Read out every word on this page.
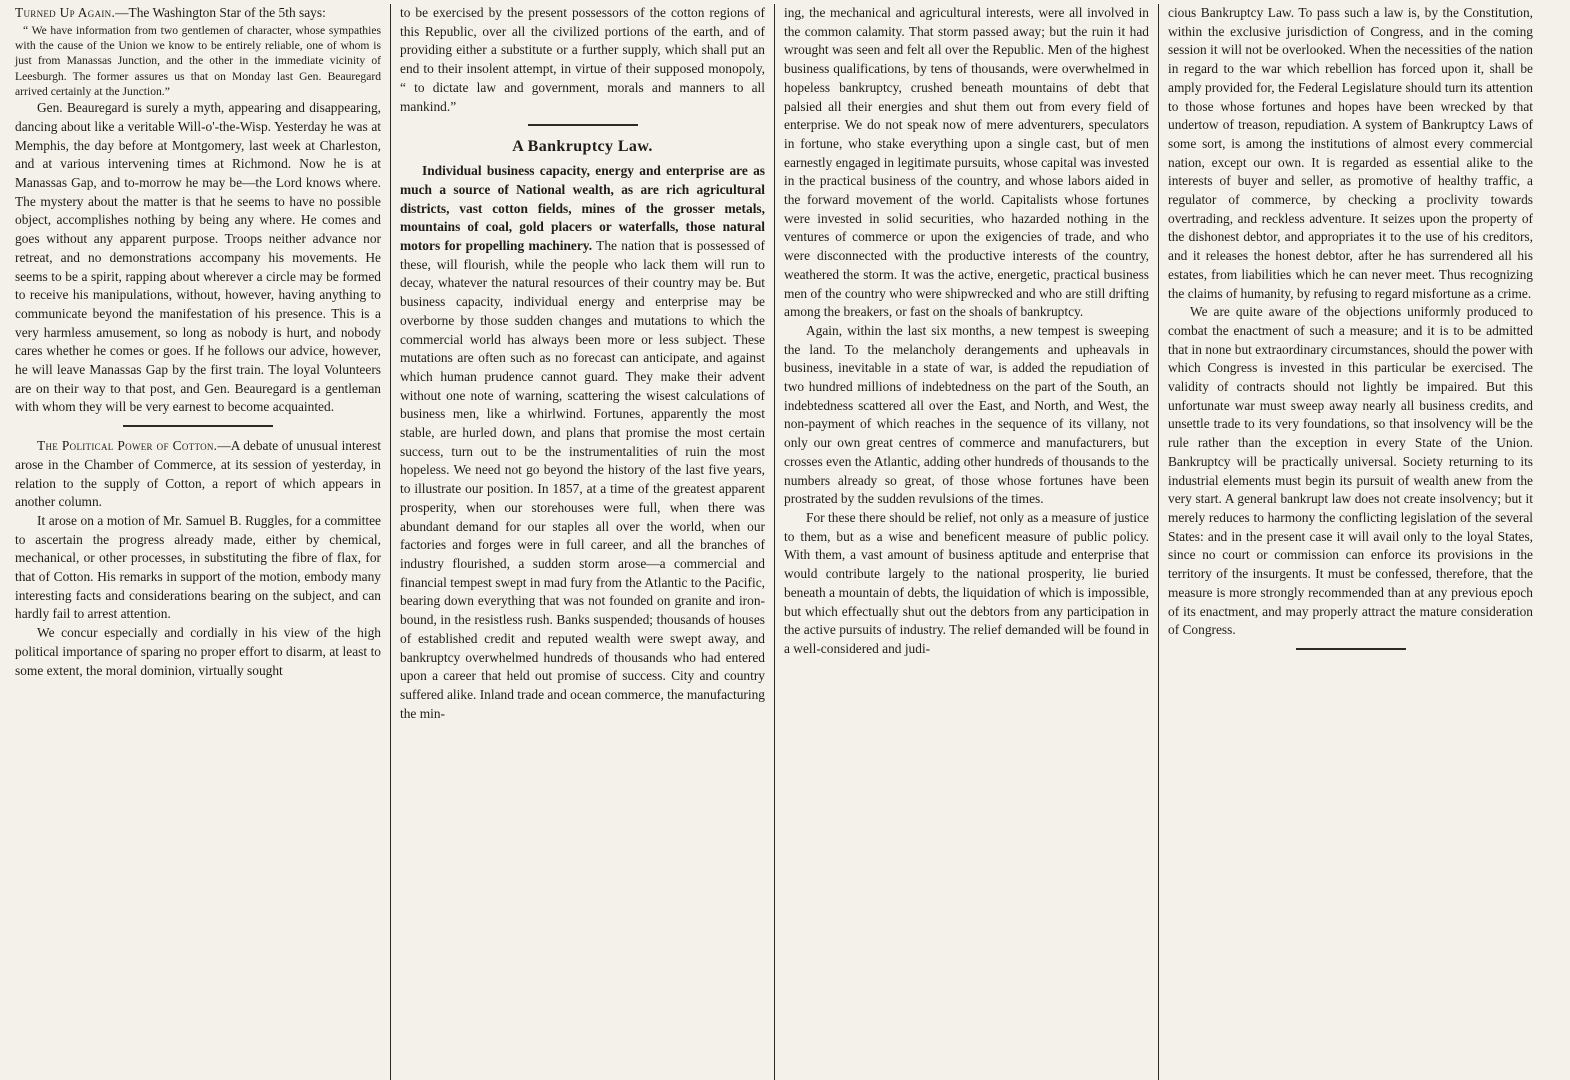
Turned Up Again.—The Washington Star of the 5th says:

“ We have information from two gentlemen of character, whose sympathies with the cause of the Union we know to be entirely reliable, one of whom is just from Manassas Junction, and the other in the immediate vicinity of Leesburgh. The former assures us that on Monday last Gen. Beauregard arrived certainly at the Junction.”

Gen. Beauregard is surely a myth, appearing and disappearing, dancing about like a veritable Will-o'-the-Wisp. Yesterday he was at Memphis, the day before at Montgomery, last week at Charleston, and at various intervening times at Richmond. Now he is at Manassas Gap, and to-morrow he may be—the Lord knows where. The mystery about the matter is that he seems to have no possible object, accomplishes nothing by being any where. He comes and goes without any apparent purpose. Troops neither advance nor retreat, and no demonstrations accompany his movements. He seems to be a spirit, rapping about wherever a circle may be formed to receive his manipulations, without, however, having anything to communicate beyond the manifestation of his presence. This is a very harmless amusement, so long as nobody is hurt, and nobody cares whether he comes or goes. If he follows our advice, however, he will leave Manassas Gap by the first train. The loyal Volunteers are on their way to that post, and Gen. Beauregard is a gentleman with whom they will be very earnest to become acquainted.

The Political Power of Cotton.—A debate of unusual interest arose in the Chamber of Commerce, at its session of yesterday, in relation to the supply of Cotton, a report of which appears in another column.

It arose on a motion of Mr. Samuel B. Ruggles, for a committee to ascertain the progress already made, either by chemical, mechanical, or other processes, in substituting the fibre of flax, for that of Cotton. His remarks in support of the motion, embody many interesting facts and considerations bearing on the subject, and can hardly fail to arrest attention.

We concur especially and cordially in his view of the high political importance of sparing no proper effort to disarm, at least to some extent, the moral dominion, virtually sought

to be exercised by the present possessors of the cotton regions of this Republic, over all the civilized portions of the earth, and of providing either a substitute or a further supply, which shall put an end to their insolent attempt, in virtue of their supposed monopoly, “ to dictate law and government, morals and manners to all mankind.”

A Bankruptcy Law.

Individual business capacity, energy and enterprise are as much a source of National wealth, as are rich agricultural districts, vast cotton fields, mines of the grosser metals, mountains of coal, gold placers or waterfalls, those natural motors for propelling machinery. The nation that is possessed of these, will flourish, while the people who lack them will run to decay, whatever the natural resources of their country may be. But business capacity, individual energy and enterprise may be overborne by those sudden changes and mutations to which the commercial world has always been more or less subject. These mutations are often such as no forecast can anticipate, and against which human prudence cannot guard. They make their advent without one note of warning, scattering the wisest calculations of business men, like a whirlwind. Fortunes, apparently the most stable, are hurled down, and plans that promise the most certain success, turn out to be the instrumentalities of ruin the most hopeless. We need not go beyond the history of the last five years, to illustrate our position. In 1857, at a time of the greatest apparent prosperity, when our storehouses were full, when there was abundant demand for our staples all over the world, when our factories and forges were in full career, and all the branches of industry flourished, a sudden storm arose—a commercial and financial tempest swept in mad fury from the Atlantic to the Pacific, bearing down everything that was not founded on granite and iron-bound, in the resistless rush. Banks suspended; thousands of houses of established credit and reputed wealth were swept away, and bankruptcy overwhelmed hundreds of thousands who had entered upon a career that held out promise of success. City and country suffered alike. Inland trade and ocean commerce, the manufacturing the min-

ing, the mechanical and agricultural interests, were all involved in the common calamity. That storm passed away; but the ruin it had wrought was seen and felt all over the Republic. Men of the highest business qualifications, by tens of thousands, were overwhelmed in hopeless bankruptcy, crushed beneath mountains of debt that palsied all their energies and shut them out from every field of enterprise. We do not speak now of mere adventurers, speculators in fortune, who stake everything upon a single cast, but of men earnestly engaged in legitimate pursuits, whose capital was invested in the practical business of the country, and whose labors aided in the forward movement of the world. Capitalists whose fortunes were invested in solid securities, who hazarded nothing in the ventures of commerce or upon the exigencies of trade, and who were disconnected with the productive interests of the country, weathered the storm. It was the active, energetic, practical business men of the country who were shipwrecked and who are still drifting among the breakers, or fast on the shoals of bankruptcy.

Again, within the last six months, a new tempest is sweeping the land. To the melancholy derangements and upheavals in business, inevitable in a state of war, is added the repudiation of two hundred millions of indebtedness on the part of the South, an indebtedness scattered all over the East, and North, and West, the non-payment of which reaches in the sequence of its villany, not only our own great centres of commerce and manufacturers, but crosses even the Atlantic, adding other hundreds of thousands to the numbers already so great, of those whose fortunes have been prostrated by the sudden revulsions of the times.

For these there should be relief, not only as a measure of justice to them, but as a wise and beneficent measure of public policy. With them, a vast amount of business aptitude and enterprise that would contribute largely to the national prosperity, lie buried beneath a mountain of debts, the liquidation of which is impossible, but which effectually shut out the debtors from any participation in the active pursuits of industry. The relief demanded will be found in a well-considered and judi-

cious Bankruptcy Law. To pass such a law is, by the Constitution, within the exclusive jurisdiction of Congress, and in the coming session it will not be overlooked. When the necessities of the nation in regard to the war which rebellion has forced upon it, shall be amply provided for, the Federal Legislature should turn its attention to those whose fortunes and hopes have been wrecked by that undertow of treason, repudiation. A system of Bankruptcy Laws of some sort, is among the institutions of almost every commercial nation, except our own. It is regarded as essential alike to the interests of buyer and seller, as promotive of healthy traffic, a regulator of commerce, by checking a proclivity towards overtrading, and reckless adventure. It seizes upon the property of the dishonest debtor, and appropriates it to the use of his creditors, and it releases the honest debtor, after he has surrendered all his estates, from liabilities which he can never meet. Thus recognizing the claims of humanity, by refusing to regard misfortune as a crime.

We are quite aware of the objections uniformly produced to combat the enactment of such a measure; and it is to be admitted that in none but extraordinary circumstances, should the power with which Congress is invested in this particular be exercised. The validity of contracts should not lightly be impaired. But this unfortunate war must sweep away nearly all business credits, and unsettle trade to its very foundations, so that insolvency will be the rule rather than the exception in every State of the Union. Bankruptcy will be practically universal. Society returning to its industrial elements must begin its pursuit of wealth anew from the very start. A general bankrupt law does not create insolvency; but it merely reduces to harmony the conflicting legislation of the several States: and in the present case it will avail only to the loyal States, since no court or commission can enforce its provisions in the territory of the insurgents. It must be confessed, therefore, that the measure is more strongly recommended than at any previous epoch of its enactment, and may properly attract the mature consideration of Congress.
